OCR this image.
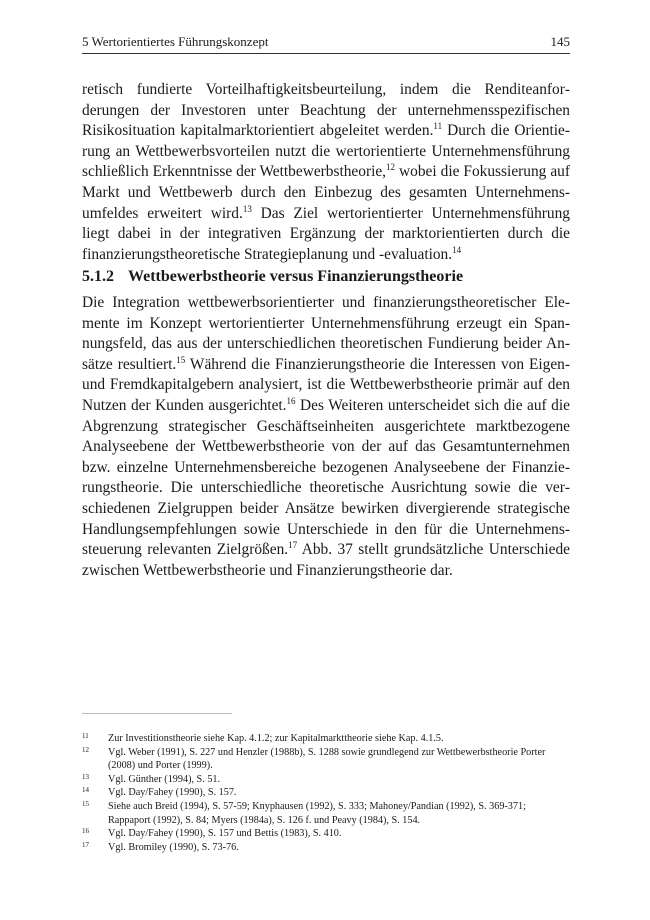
5 Wertorientiertes Führungskonzept	145
retisch fundierte Vorteilhaftigkeitsbeurteilung, indem die Renditeanforderungen der Investoren unter Beachtung der unternehmensspezifischen Risikosituation kapitalmarktorientiert abgeleitet werden.$^{11}$ Durch die Orientierung an Wettbewerbsvorteilen nutzt die wertorientierte Unternehmensführung schließlich Erkenntnisse der Wettbewerbstheorie,$^{12}$ wobei die Fokussierung auf Markt und Wettbewerb durch den Einbezug des gesamten Unternehmensumfeldes erweitert wird.$^{13}$ Das Ziel wertorientierter Unternehmensführung liegt dabei in der integrativen Ergänzung der marktorientierten durch die finanzierungstheoretische Strategieplanung und -evaluation.$^{14}$
5.1.2 Wettbewerbstheorie versus Finanzierungstheorie
Die Integration wettbewerbsorientierter und finanzierungstheoretischer Elemente im Konzept wertorientierter Unternehmensführung erzeugt ein Spannungsfeld, das aus der unterschiedlichen theoretischen Fundierung beider Ansätze resultiert.$^{15}$ Während die Finanzierungstheorie die Interessen von Eigen- und Fremdkapitalgebern analysiert, ist die Wettbewerbstheorie primär auf den Nutzen der Kunden ausgerichtet.$^{16}$ Des Weiteren unterscheidet sich die auf die Abgrenzung strategischer Geschäftseinheiten ausgerichtete marktbezogene Analyseebene der Wettbewerbstheorie von der auf das Gesamtunternehmen bzw. einzelne Unternehmensbereiche bezogenen Analyseebene der Finanzierungstheorie. Die unterschiedliche theoretische Ausrichtung sowie die verschiedenen Zielgruppen beider Ansätze bewirken divergierende strategische Handlungsempfehlungen sowie Unterschiede in den für die Unternehmenssteuerung relevanten Zielgrößen.$^{17}$ Abb. 37 stellt grundsätzliche Unterschiede zwischen Wettbewerbstheorie und Finanzierungstheorie dar.
11 Zur Investitionstheorie siehe Kap. 4.1.2; zur Kapitalmarkttheorie siehe Kap. 4.1.5.
12 Vgl. Weber (1991), S. 227 und Henzler (1988b), S. 1288 sowie grundlegend zur Wettbewerbstheorie Porter (2008) und Porter (1999).
13 Vgl. Günther (1994), S. 51.
14 Vgl. Day/Fahey (1990), S. 157.
15 Siehe auch Breid (1994), S. 57-59; Knyphausen (1992), S. 333; Mahoney/Pandian (1992), S. 369-371; Rappaport (1992), S. 84; Myers (1984a), S. 126 f. und Peavy (1984), S. 154.
16 Vgl. Day/Fahey (1990), S. 157 und Bettis (1983), S. 410.
17 Vgl. Bromiley (1990), S. 73-76.
